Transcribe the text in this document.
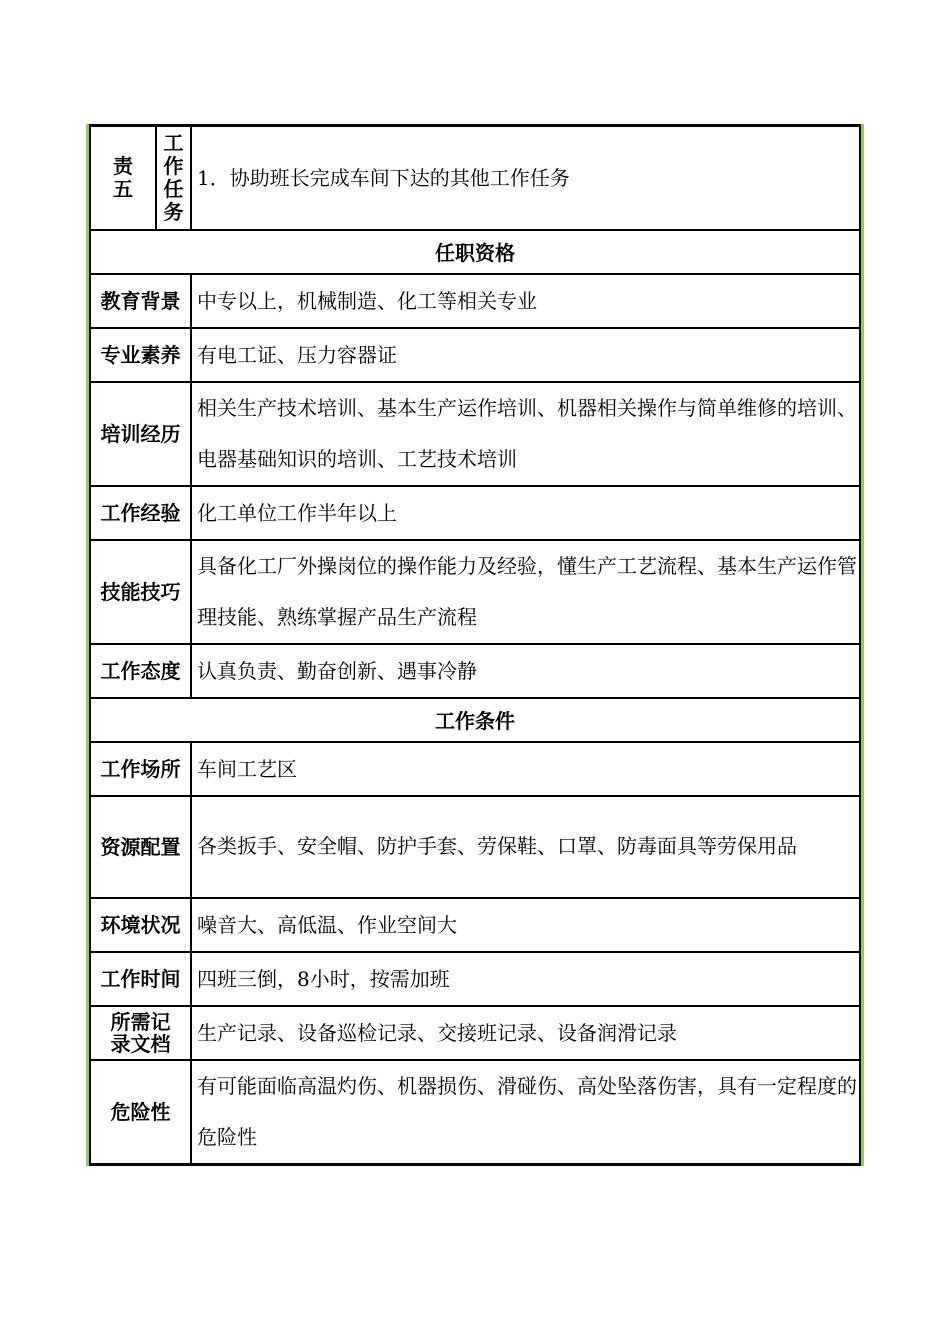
责五	工作任务	1．协助班长完成车间下达的其他工作任务
任职资格		
教育背景		中专以上，机械制造、化工等相关专业
专业素养		有电工证、压力容器证
培训经历		相关生产技术培训、基本生产运作培训、机器相关操作与简单维修的培训、电器基础知识的培训、工艺技术培训
工作经验		化工单位工作半年以上
技能技巧		具备化工厂外操岗位的操作能力及经验，懂生产工艺流程、基本生产运作管理技能、熟练掌握产品生产流程
工作态度		认真负责、勤奋创新、遇事冷静
工作条件		
工作场所		车间工艺区
资源配置		各类扳手、安全帽、防护手套、劳保鞋、口罩、防毒面具等劳保用品
环境状况		噪音大、高低温、作业空间大
工作时间		四班三倒，8小时，按需加班
所需记录文档		生产记录、设备巡检记录、交接班记录、设备润滑记录
危险性		有可能面临高温灼伤、机器损伤、滑碰伤、高处坠落伤害，具有一定程度的危险性
